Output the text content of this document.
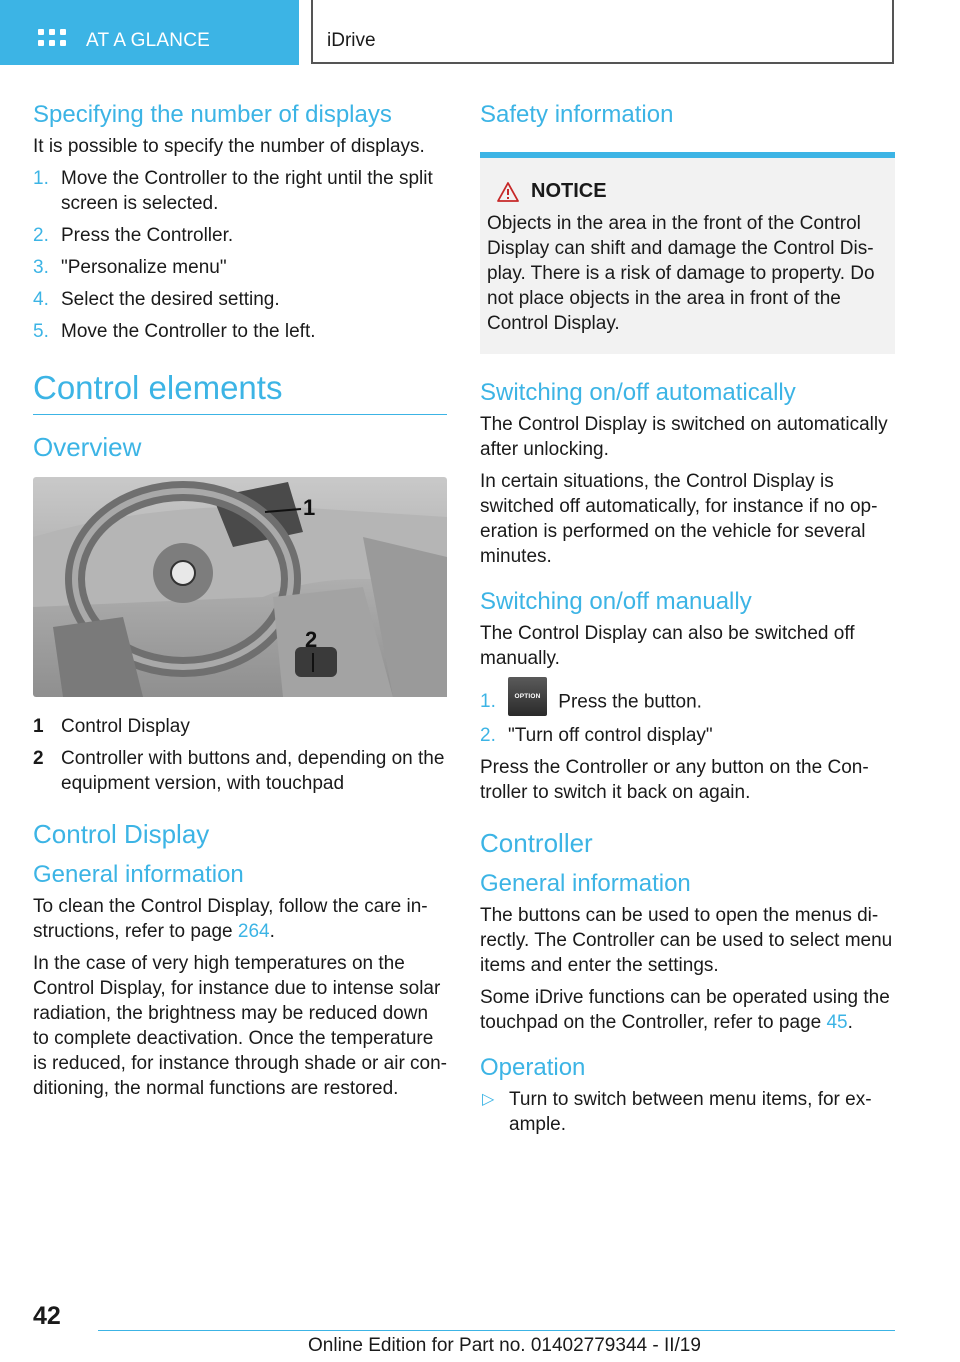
AT A GLANCE	iDrive
Specifying the number of displays

It is possible to specify the number of displays.

1. Move the Controller to the right until the split screen is selected.
2. Press the Controller.
3. "Personalize menu"
4. Select the desired setting.
5. Move the Controller to the left.
Control elements
Overview
1
2
1 Control Display
2 Controller with buttons and, depending on the equipment version, with touchpad
Control Display
General information

To clean the Control Display, follow the care in-structions, refer to page 264.

In the case of very high temperatures on the Control Display, for instance due to intense solar radiation, the brightness may be reduced down to complete deactivation. Once the temperature is reduced, for instance through shade or air con-ditioning, the normal functions are restored.

Safety information
NOTICE

Objects in the area in the front of the Control Display can shift and damage the Control Dis-play. There is a risk of damage to property. Do not place objects in the area in front of the Control Display.

Switching on/off automatically

The Control Display is switched on automatically after unlocking.

In certain situations, the Control Display is switched off automatically, for instance if no op-eration is performed on the vehicle for several minutes.

Switching on/off manually

The Control Display can also be switched off manually.

1.	OPTION Press the button.
2. "Turn off control display"

Press the Controller or any button on the Con-troller to switch it back on again.

Controller
General information

The buttons can be used to open the menus di-rectly. The Controller can be used to select menu items and enter the settings.

Some iDrive functions can be operated using the touchpad on the Controller, refer to page 45.

Operation
▷ Turn to switch between menu items, for ex-ample.
42
Online Edition for Part no. 01402779344 - II/19
